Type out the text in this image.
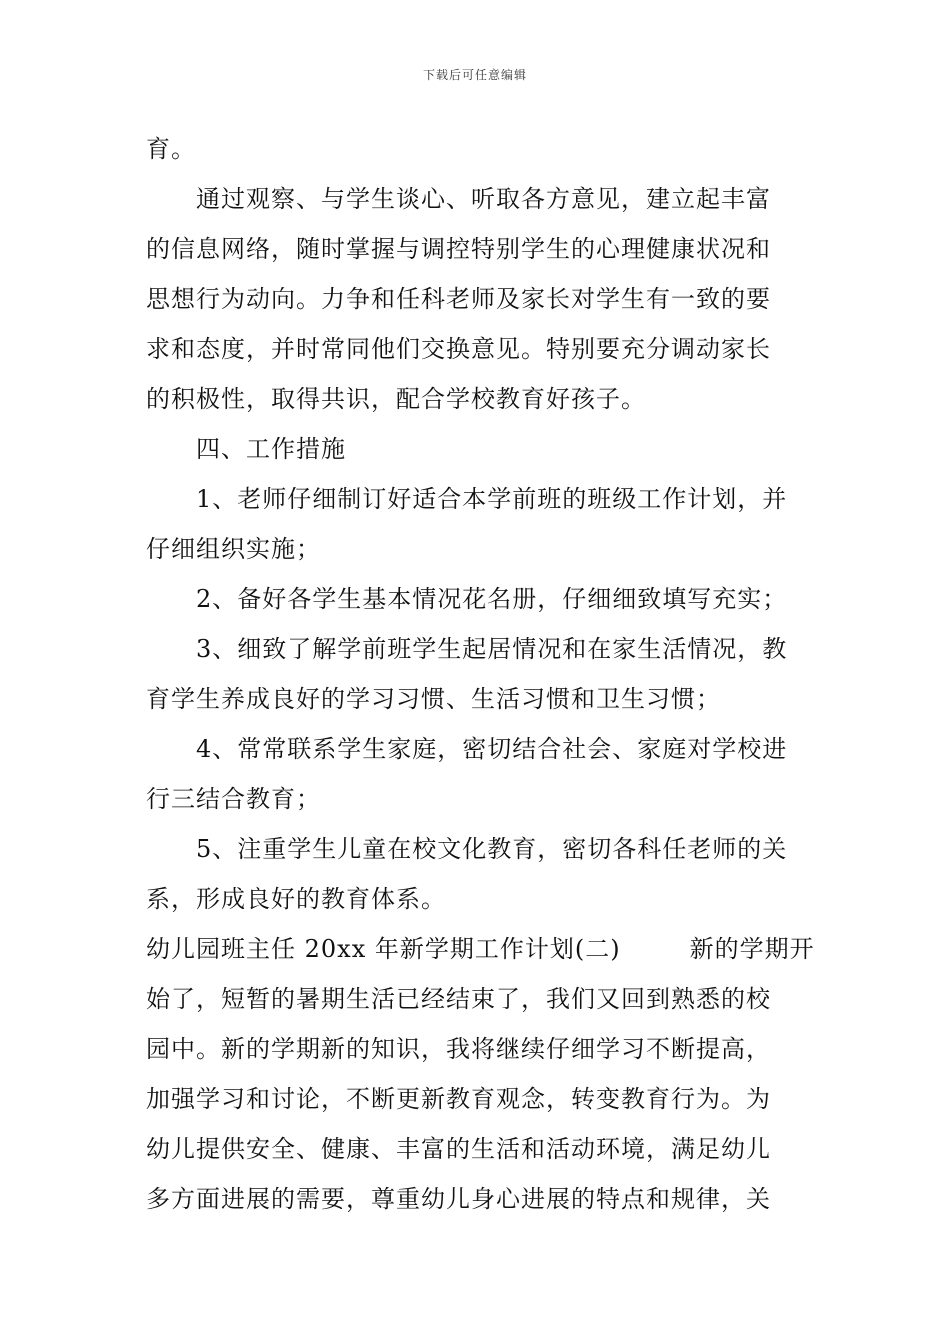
下载后可任意编辑
育。
通过观察、与学生谈心、听取各方意见，建立起丰富
的信息网络，随时掌握与调控特别学生的心理健康状况和
思想行为动向。力争和任科老师及家长对学生有一致的要
求和态度，并时常同他们交换意见。特别要充分调动家长
的积极性，取得共识，配合学校教育好孩子。
四、工作措施
1、老师仔细制订好适合本学前班的班级工作计划，并
仔细组织实施；
2、备好各学生基本情况花名册，仔细细致填写充实；
3、细致了解学前班学生起居情况和在家生活情况，教
育学生养成良好的学习习惯、生活习惯和卫生习惯；
4、常常联系学生家庭，密切结合社会、家庭对学校进
行三结合教育；
5、注重学生儿童在校文化教育，密切各科任老师的关
系，形成良好的教育体系。
幼儿园班主任 20xx 年新学期工作计划(二)        新的学期开
始了，短暂的暑期生活已经结束了，我们又回到熟悉的校
园中。新的学期新的知识，我将继续仔细学习不断提高，
加强学习和讨论，不断更新教育观念，转变教育行为。为
幼儿提供安全、健康、丰富的生活和活动环境，满足幼儿
多方面进展的需要，尊重幼儿身心进展的特点和规律，关
